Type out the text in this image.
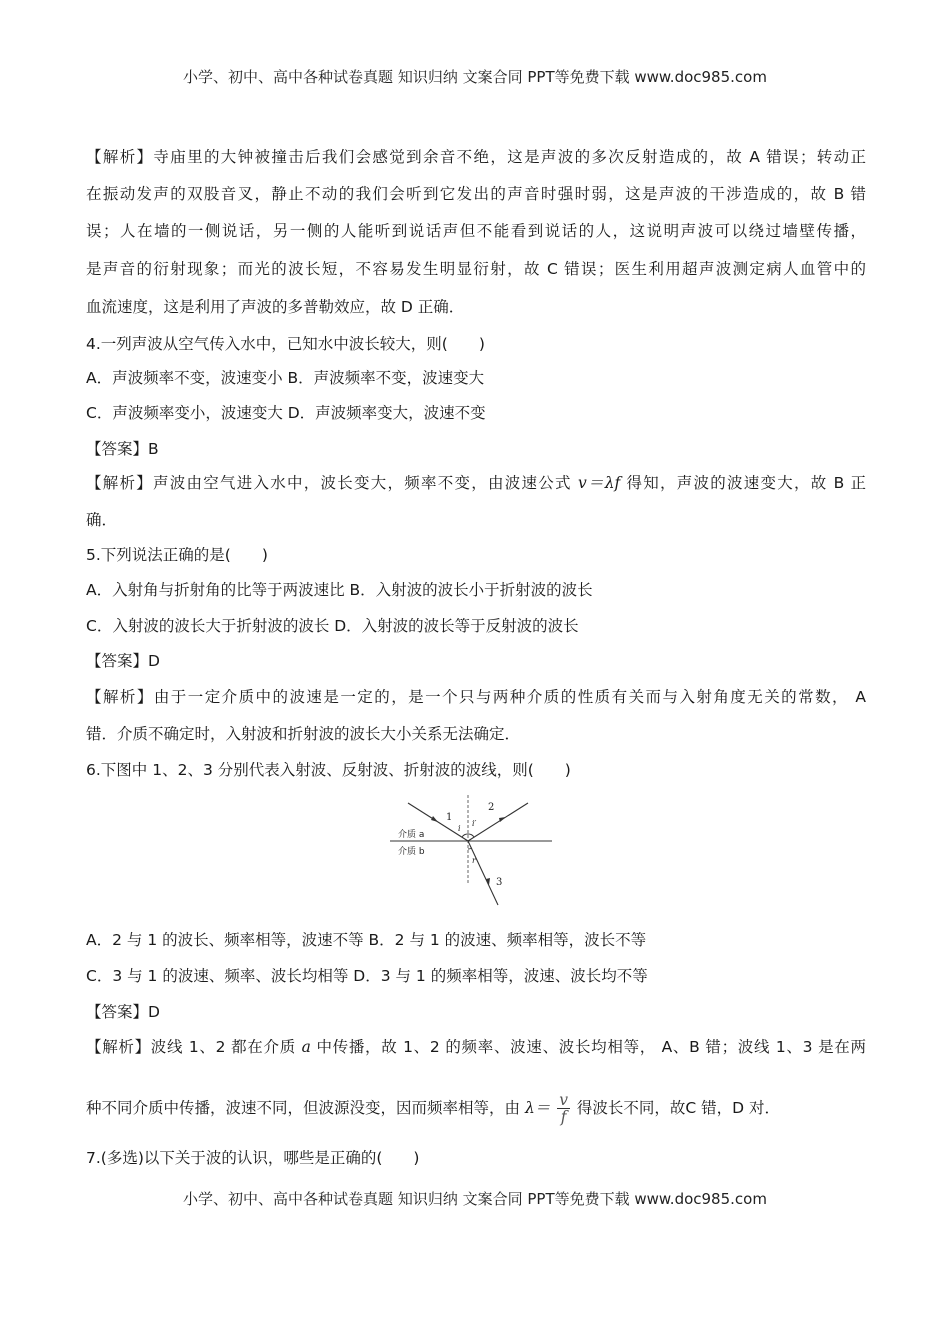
小学、初中、高中各种试卷真题 知识归纳 文案合同 PPT等免费下载 www.doc985.com
【解析】寺庙里的大钟被撞击后我们会感觉到余音不绝，这是声波的多次反射造成的，故 A 错误；转动正
在振动发声的双股音叉，静止不动的我们会听到它发出的声音时强时弱，这是声波的干涉造成的，故 B 错
误；人在墙的一侧说话，另一侧的人能听到说话声但不能看到说话的人，这说明声波可以绕过墙壁传播，
是声音的衍射现象；而光的波长短，不容易发生明显衍射，故 C 错误；医生利用超声波测定病人血管中的
血流速度，这是利用了声波的多普勒效应，故 D 正确．
4.一列声波从空气传入水中，已知水中波长较大，则(　　)
A．声波频率不变，波速变小 B．声波频率不变，波速变大
C．声波频率变小，波速变大 D．声波频率变大，波速不变
【答案】B
【解析】声波由空气进入水中，波长变大，频率不变，由波速公式 v＝λf 得知，声波的波速变大，故 B 正
确．
5.下列说法正确的是(　　)
A．入射角与折射角的比等于两波速比 B．入射波的波长小于折射波的波长
C．入射波的波长大于折射波的波长 D．入射波的波长等于反射波的波长
【答案】D
【解析】由于一定介质中的波速是一定的，是一个只与两种介质的性质有关而与入射角度无关的常数， A
错．介质不确定时，入射波和折射波的波长大小关系无法确定．
6.下图中 1、2、3 分别代表入射波、反射波、折射波的波线，则(　　)
1
2
3
i
i′
r
介质 a
介质 b
A．2 与 1 的波长、频率相等，波速不等 B．2 与 1 的波速、频率相等，波长不等
C．3 与 1 的波速、频率、波长均相等 D．3 与 1 的频率相等，波速、波长均不等
【答案】D
【解析】波线 1、2 都在介质 a 中传播，故 1、2 的频率、波速、波长均相等， A、B 错；波线 1、3 是在两
种不同介质中传播，波速不同，但波源没变，因而频率相等，由 $\lambda= \frac{v}{f}$ 得波长不同，故C 错，D 对．
7.(多选)以下关于波的认识，哪些是正确的(　　)
小学、初中、高中各种试卷真题 知识归纳 文案合同 PPT等免费下载 www.doc985.com
